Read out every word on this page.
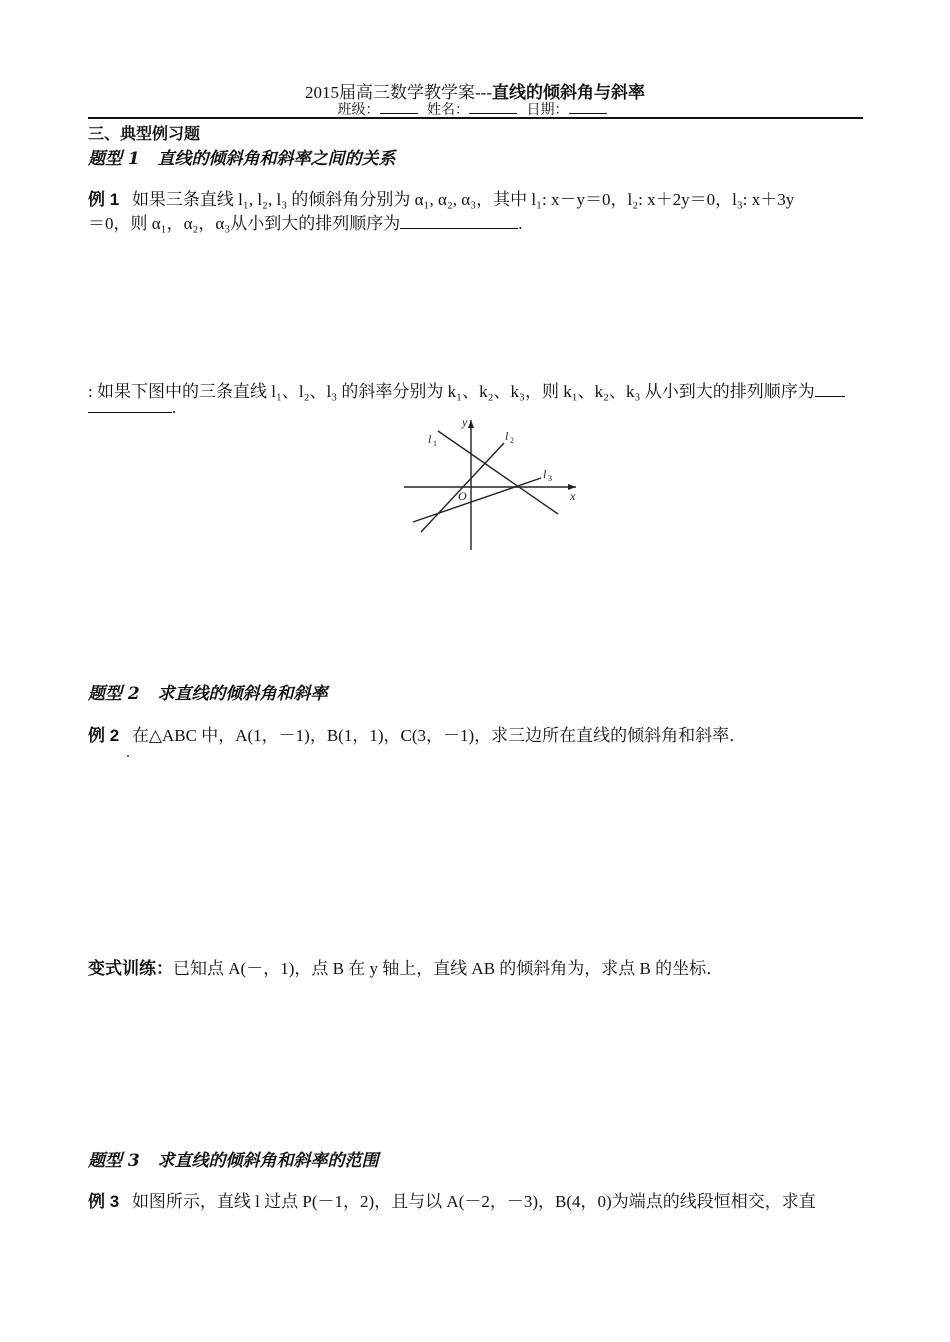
2015届高三数学教学案---直线的倾斜角与斜率
班级：	姓名：	日期：
三、典型例习题
题型 1 直线的倾斜角和斜率之间的关系
例 1 如果三条直线 l₁, l₂, l₃ 的倾斜角分别为 α₁, α₂, α₃，其中 l₁: x－y＝0，l₂: x＋2y＝0，l₃: x＋3y
＝0，则 α₁，α₂，α₃从小到大的排列顺序为	.
: 如果下图中的三条直线 l₁、l₂、l₃ 的斜率分别为 k₁、k₂、k₃，则 k₁、k₂、k₃ 从小到大的排列顺序为
.
y
x
O
l 1
l 2
l 3
题型 2 求直线的倾斜角和斜率
例 2 在△ABC 中，A(1，－1)，B(1，1)，C(3，－1)，求三边所在直线的倾斜角和斜率．
.
变式训练：已知点 A(－，1)，点 B 在 y 轴上，直线 AB 的倾斜角为，求点 B 的坐标．
题型 3 求直线的倾斜角和斜率的范围
例 3 如图所示，直线 l 过点 P(－1，2)，且与以 A(－2，－3)，B(4，0)为端点的线段恒相交，求直
